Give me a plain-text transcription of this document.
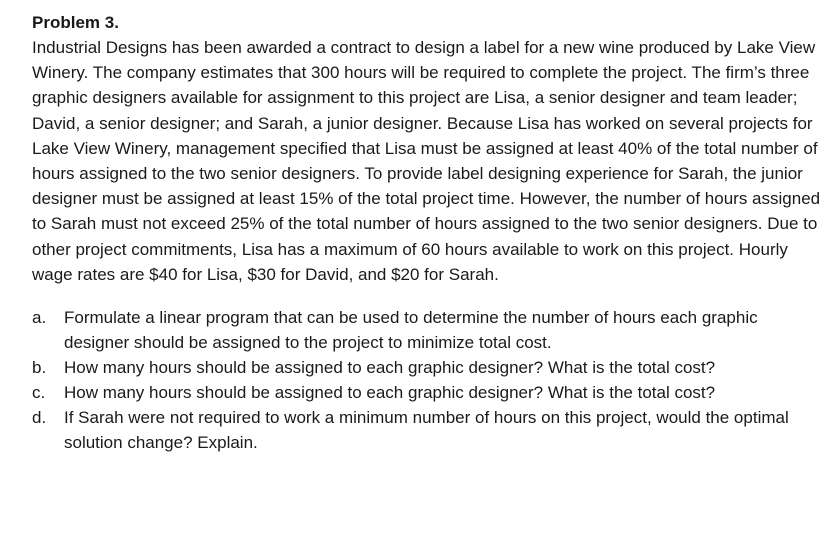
Problem 3.

Industrial Designs has been awarded a contract to design a label for a new wine produced by Lake View Winery. The company estimates that 300 hours will be required to complete the project. The firm’s three graphic designers available for assignment to this project are Lisa, a senior designer and team leader; David, a senior designer; and Sarah, a junior designer. Because Lisa has worked on several projects for Lake View Winery, management specified that Lisa must be assigned at least 40% of the total number of hours assigned to the two senior designers. To provide label designing experience for Sarah, the junior designer must be assigned at least 15% of the total project time. However, the number of hours assigned to Sarah must not exceed 25% of the total number of hours assigned to the two senior designers. Due to other project commitments, Lisa has a maximum of 60 hours available to work on this project. Hourly wage rates are $40 for Lisa, $30 for David, and $20 for Sarah.

a.	Formulate a linear program that can be used to determine the number of hours each graphic designer should be assigned to the project to minimize total cost.
b.	How many hours should be assigned to each graphic designer? What is the total cost?
c.	How many hours should be assigned to each graphic designer? What is the total cost?
d.	If Sarah were not required to work a minimum number of hours on this project, would the optimal solution change? Explain.
